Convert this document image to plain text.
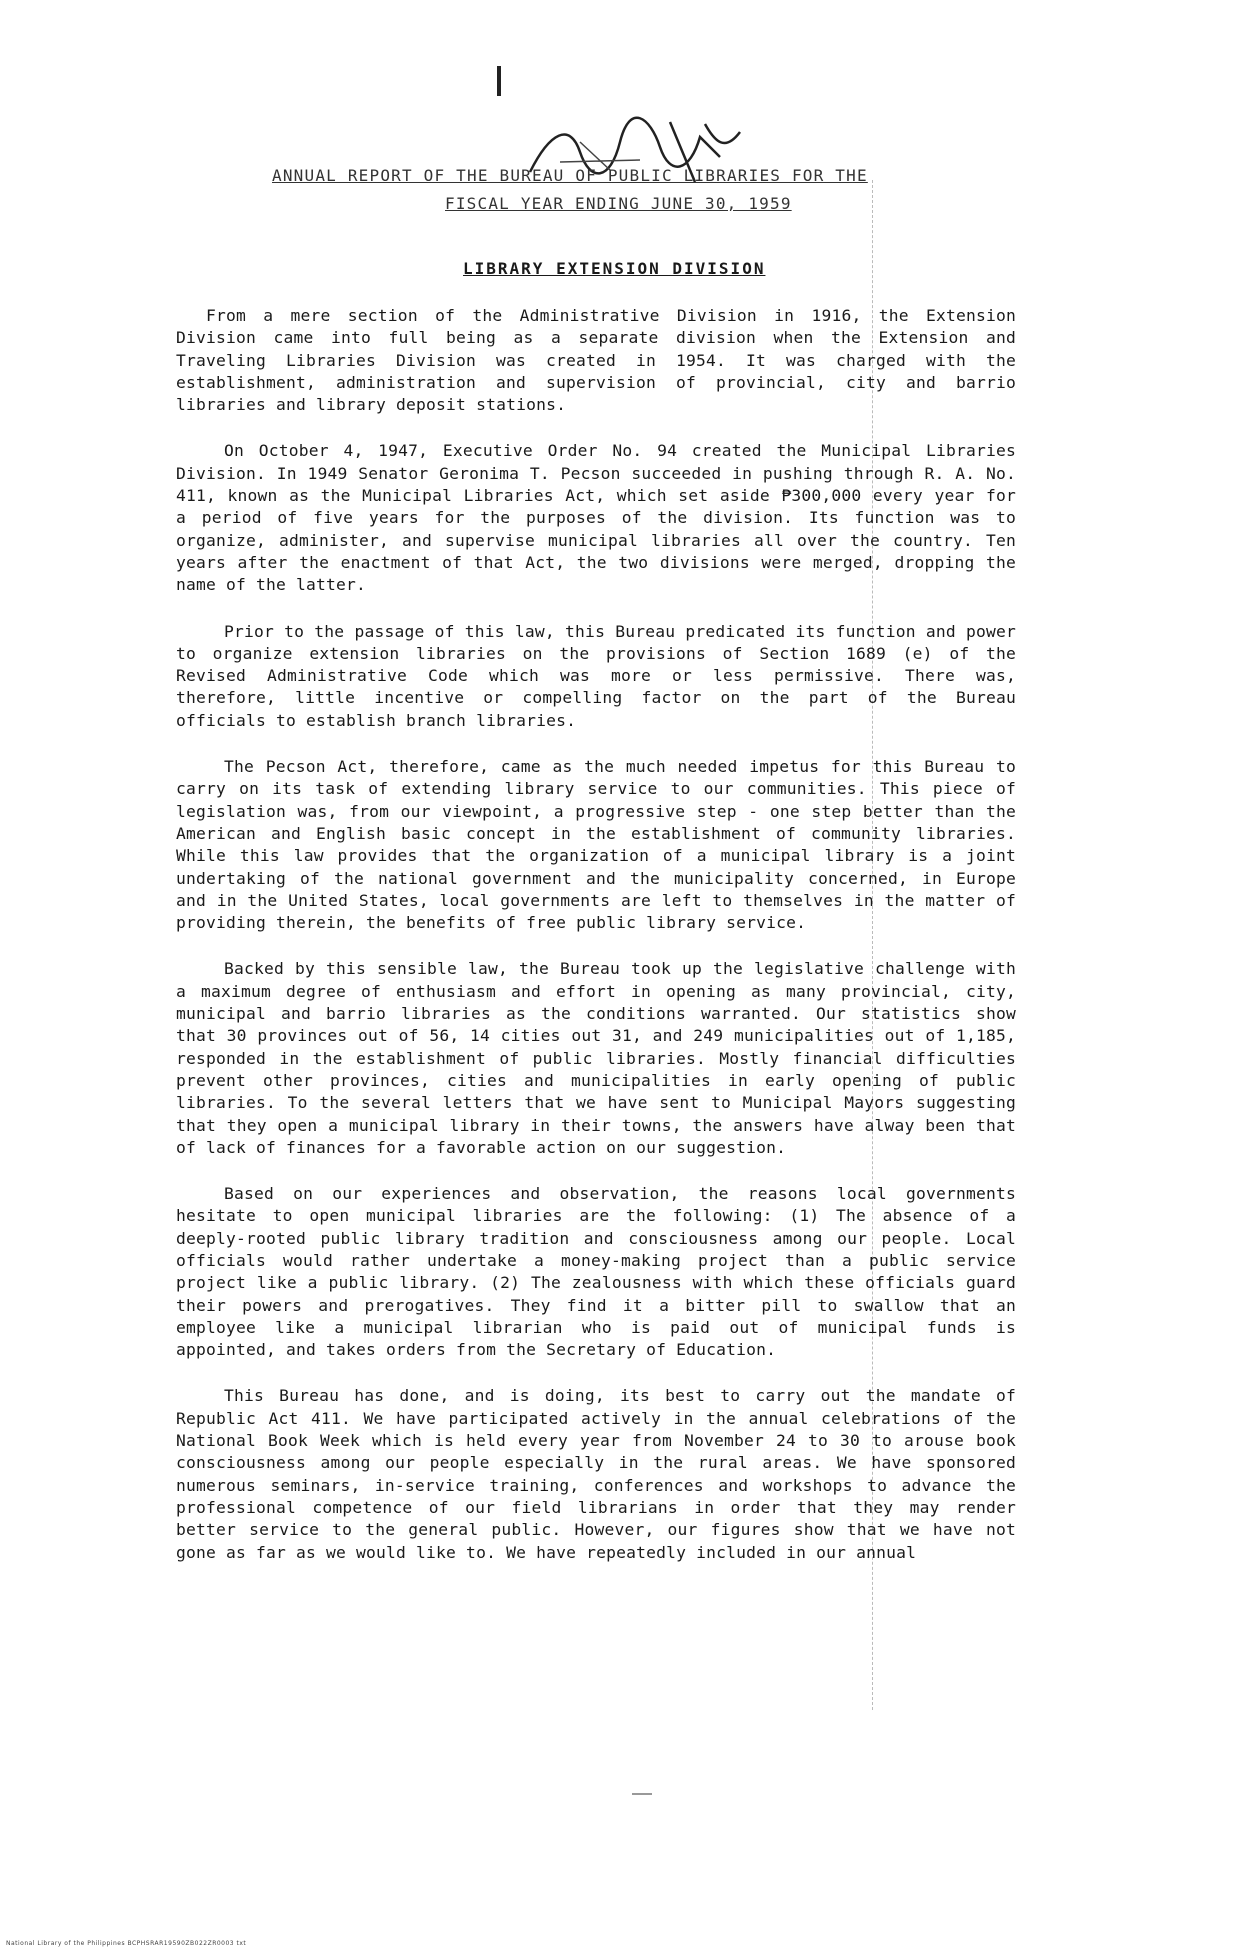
ANNUAL REPORT OF THE BUREAU OF PUBLIC LIBRARIES FOR THE
FISCAL YEAR ENDING JUNE 30, 1959
LIBRARY EXTENSION DIVISION

From a mere section of the Administrative Division in 1916, the Extension Division came into full being as a separate division when the Extension and Traveling Libraries Division was created in 1954. It was charged with the establishment, administration and supervision of provincial, city and barrio libraries and library deposit stations.

On October 4, 1947, Executive Order No. 94 created the Municipal Libraries Division. In 1949 Senator Geronima T. Pecson succeeded in pushing through R. A. No. 411, known as the Municipal Libraries Act, which set aside ₱300,000 every year for a period of five years for the purposes of the division. Its function was to organize, administer, and supervise municipal libraries all over the country. Ten years after the enactment of that Act, the two divisions were merged, dropping the name of the latter.

Prior to the passage of this law, this Bureau predicated its function and power to organize extension libraries on the provisions of Section 1689 (e) of the Revised Administrative Code which was more or less permissive. There was, therefore, little incentive or compelling factor on the part of the Bureau officials to establish branch libraries.

The Pecson Act, therefore, came as the much needed impetus for this Bureau to carry on its task of extending library service to our communities. This piece of legislation was, from our viewpoint, a progressive step - one step better than the American and English basic concept in the establishment of community libraries. While this law provides that the organization of a municipal library is a joint undertaking of the national government and the municipality concerned, in Europe and in the United States, local governments are left to themselves in the matter of providing therein, the benefits of free public library service.

Backed by this sensible law, the Bureau took up the legislative challenge with a maximum degree of enthusiasm and effort in opening as many provincial, city, municipal and barrio libraries as the conditions warranted. Our statistics show that 30 provinces out of 56, 14 cities out 31, and 249 municipalities out of 1,185, responded in the establishment of public libraries. Mostly financial difficulties prevent other provinces, cities and municipalities in early opening of public libraries. To the several letters that we have sent to Municipal Mayors suggesting that they open a municipal library in their towns, the answers have alway been that of lack of finances for a favorable action on our suggestion.

Based on our experiences and observation, the reasons local governments hesitate to open municipal libraries are the following: (1) The absence of a deeply-rooted public library tradition and consciousness among our people. Local officials would rather undertake a money-making project than a public service project like a public library. (2) The zealousness with which these officials guard their powers and prerogatives. They find it a bitter pill to swallow that an employee like a municipal librarian who is paid out of municipal funds is appointed, and takes orders from the Secretary of Education.

This Bureau has done, and is doing, its best to carry out the mandate of Republic Act 411. We have participated actively in the annual celebrations of the National Book Week which is held every year from November 24 to 30 to arouse book consciousness among our people especially in the rural areas. We have sponsored numerous seminars, in-service training, conferences and workshops to advance the professional competence of our field librarians in order that they may render better service to the general public. However, our figures show that we have not gone as far as we would like to. We have repeatedly included in our annual

National Library of the Philippines BCPHSRAR19590ZB022ZR0003 txt
